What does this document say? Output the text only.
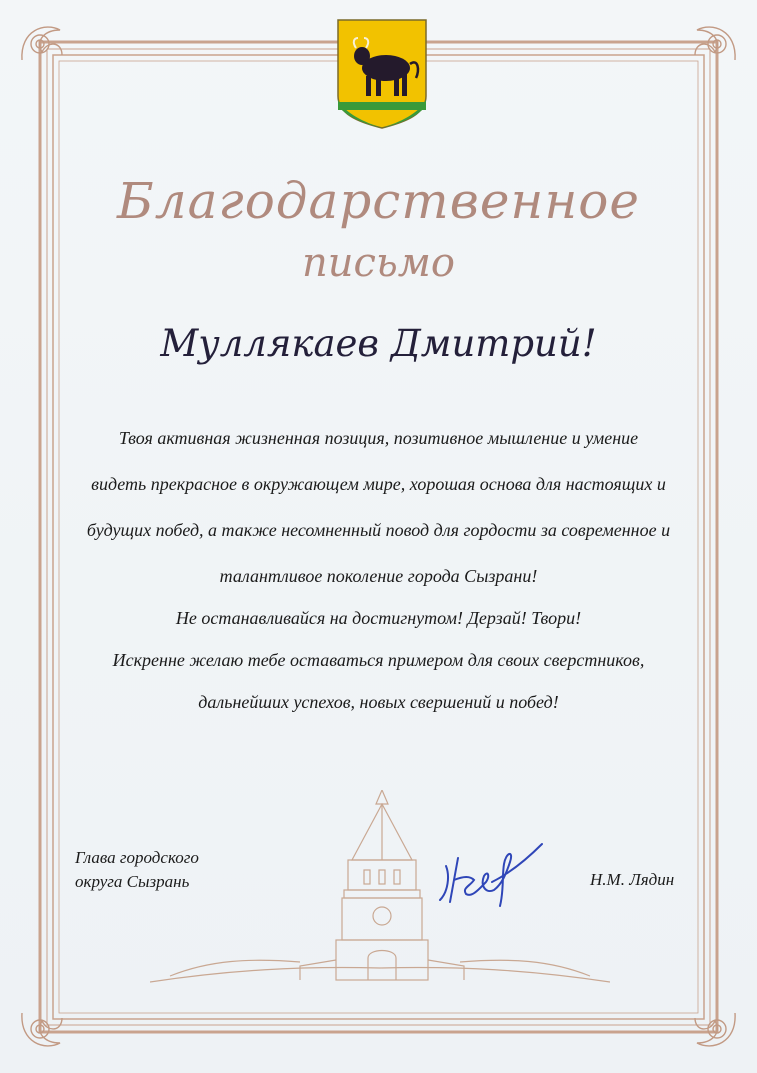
Благодарственное
письмо
Муллякаев Дмитрий!
Твоя активная жизненная позиция, позитивное мышление и умение
видеть прекрасное в окружающем мире, хорошая основа для настоящих и
будущих побед, а также несомненный повод для гордости за современное и
талантливое поколение города Сызрани!
Не останавливайся на достигнутом! Дерзай! Твори!
Искренне желаю тебе оставаться примером для своих сверстников,
дальнейших успехов, новых свершений и побед!
Глава городского
округа Сызрань	Н.М. Лядин
